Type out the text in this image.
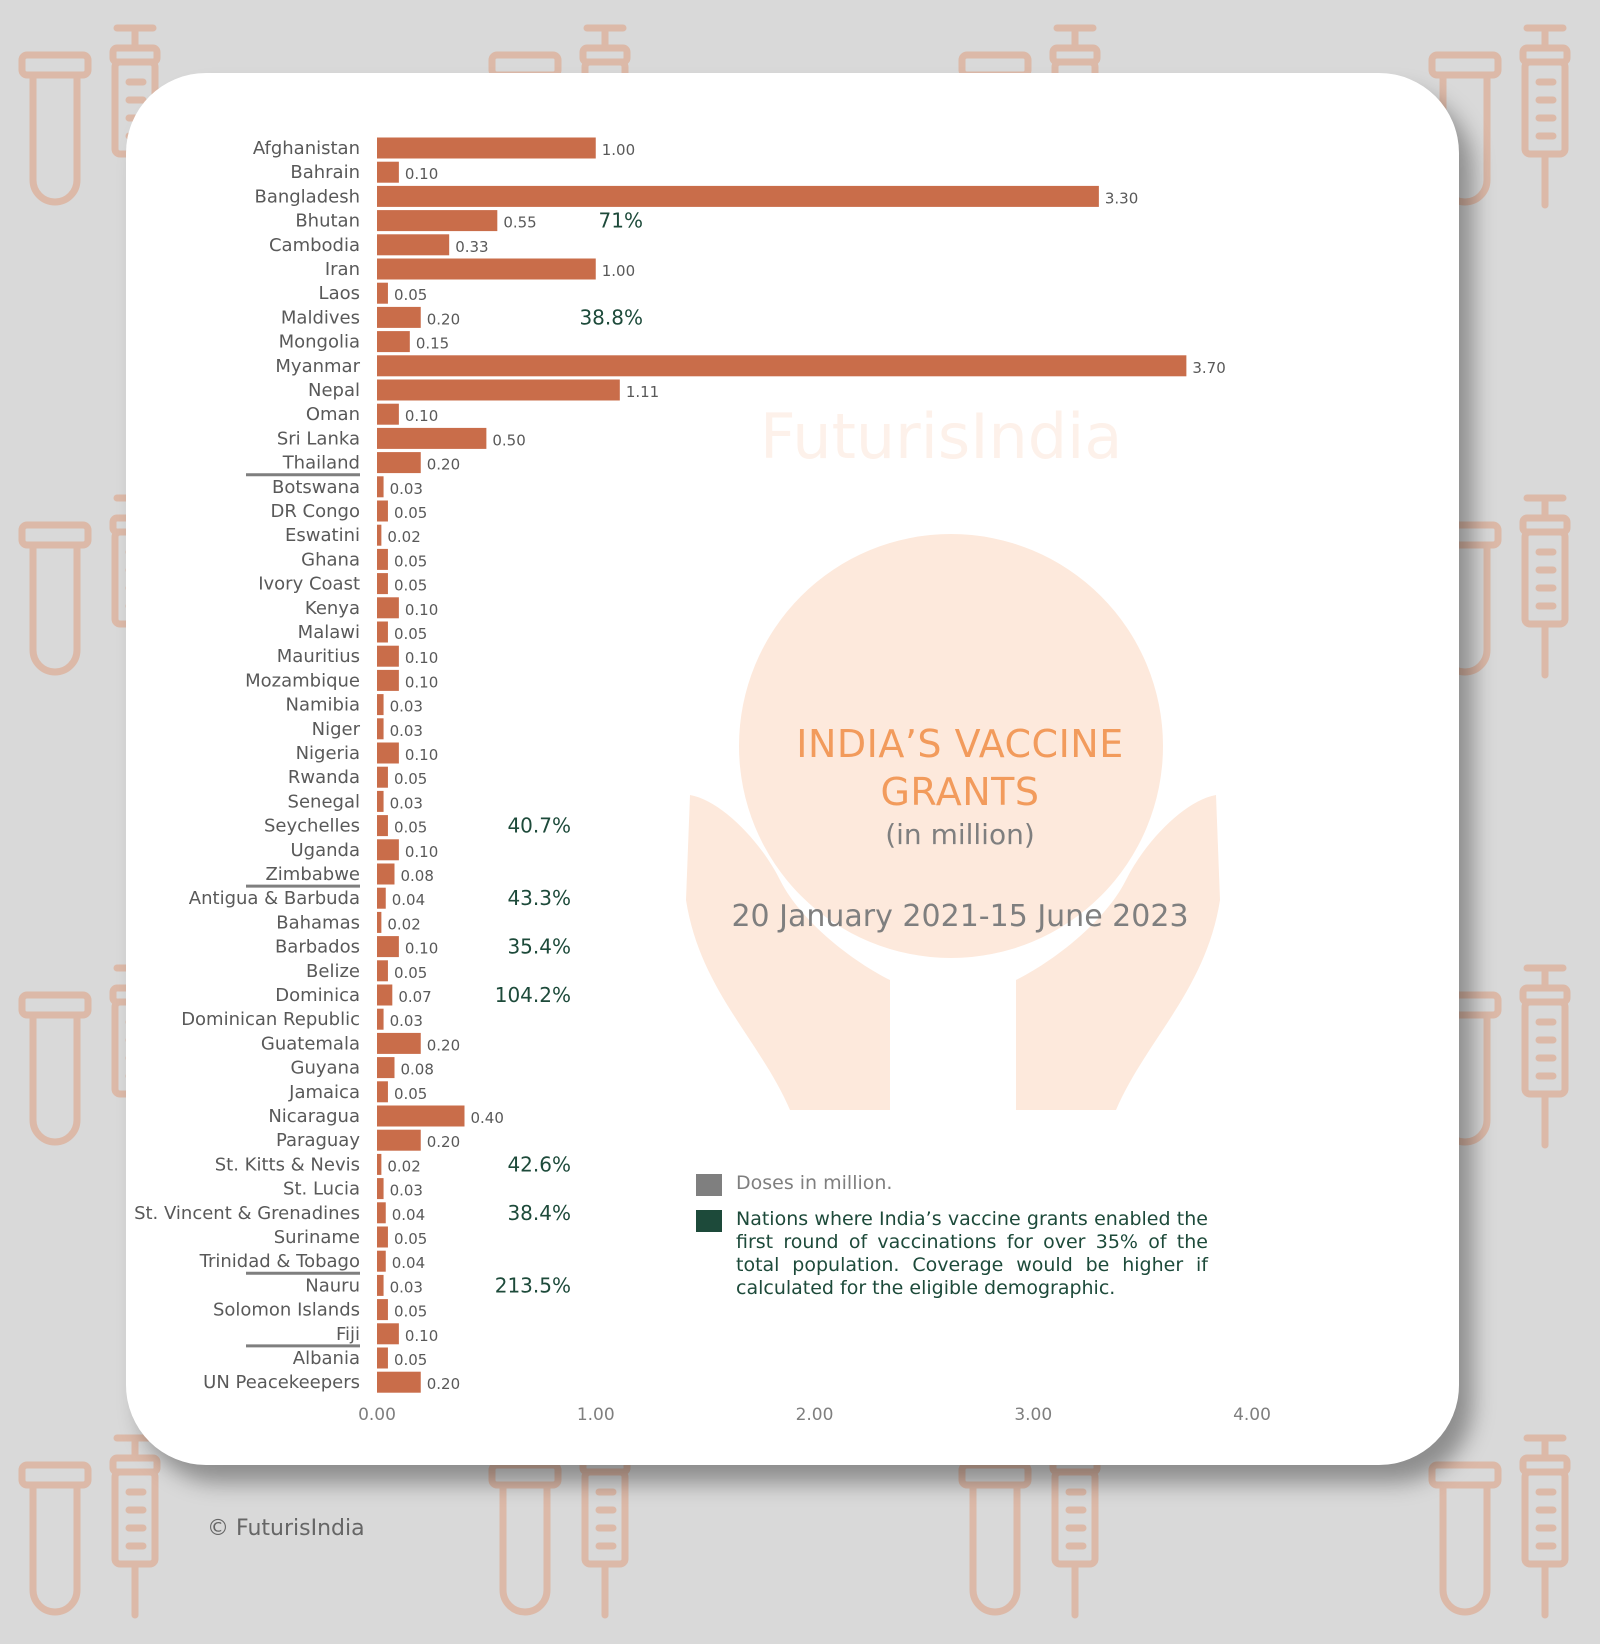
Afghanistan	1.00
Bahrain	0.10
Bangladesh	3.30
Bhutan	0.55
Cambodia	0.33
Iran	1.00
Laos 0.05
Maldives	0.20
Mongolia	0.15
Myanmar	3.70
Nepal	1.11
Oman	0.10
Sri Lanka	0.50
Thailand	0.20
Botswana 0.03
DR Congo 0.05
Eswatini 0.02
Ghana 0.05
Ivory Coast 0.05
Kenya	0.10
Malawi 0.05
Mauritius	0.10
Mozambique	0.10
Namibia 0.03
Niger 0.03
Nigeria	0.10
Rwanda 0.05
Senegal 0.03
Seychelles 0.05
Uganda	0.10
Zimbabwe	0.08
Antigua & Barbuda 0.04
Bahamas 0.02
Barbados	0.10
Belize 0.05
Dominica	0.07
Dominican Republic 0.03
Guatemala	0.20
Guyana	0.08
Jamaica 0.05
Nicaragua	0.40
Paraguay	0.20
St. Kitts & Nevis 0.02
St. Lucia 0.03
St. Vincent & Grenadines 0.04
Suriname 0.05
Trinidad & Tobago 0.04
Nauru 0.03
Solomon Islands 0.05
Fiji	0.10
Albania 0.05
UN Peacekeepers	0.20
71%
38.8%
40.7%
43.3%
35.4%
104.2%
42.6%
38.4%
213.5%
0.00	1.00	2.00	3.00	4.00
FuturisIndia
INDIA’S VACCINE
GRANTS
(in million)
20 January 2021-15 June 2023
Doses in million.
Nations where India’s vaccine grants enabled the first round of vaccinations for over 35% of the total population. Coverage would be higher if calculated for the eligible demographic.
© FuturisIndia
